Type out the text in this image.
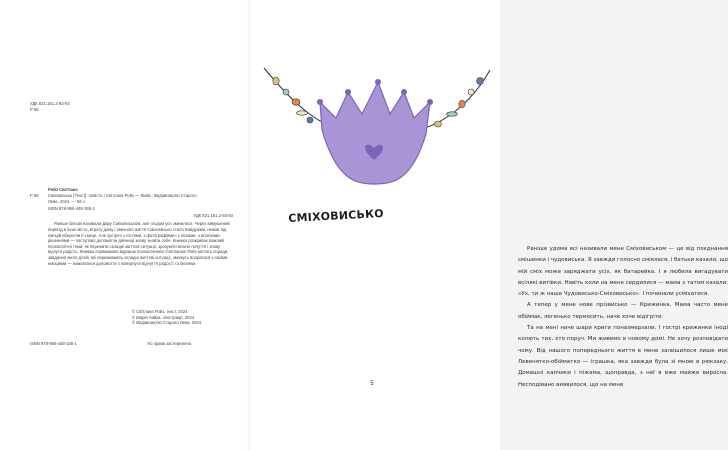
УДК 821.161.2-93-93
Р 65
Ройз Світлана
Р 65 Сміховисько [Текст]: повість / Світлана Ройз — Львів : Видавництво Старого

Лева, 2024. — 56 с.

ISBN 978-966-448-185-1

УДК 821.161.2-93-93

Раніше батьки називали Дару Сміховиськом, але згодом усе змінилося. Через вимушений переїзд в інше місто, втрату дому і звичного життя Сміховисько стало Байдужим, немов від емоцій вберегли її серце. Але зустрічі з гостями, з фотографіями і з пісками, з власними рішеннями — поступово допомогли дівчинці знову знайти себе. Книжка розкриває важливі психологічні теми: як пережити складні життєві ситуації, зрозуміти власні почуття і знову відчути радість. Книжка спрямована відомою психологинею Світланою Ройз містить поради, завдання якого дітей, які переживають складні життєві ситуації, зможуть впоратися з своїми емоціями — намагатися допомогти з повернути відчуття радості та безпеки.

© Світлана Ройз, текст, 2024
© Марія Чайка, ілюстрації, 2024
© Видавництво Старого Лева, 2024
ISBN 978-966-448-185-1	Усі права застережено

Раніше удома всі називали мене Сміховиськом — це від поєднання смішинки і чудовиська. Я завжди голосно сміялася, і батьки казали, що мій сміх може заряджати усіх, як батарейка. І я любила вигадувати всілякі витівки. Навіть коли на мене сердилися — мама з татом казали: «Ух, ти ж наше Чудовисько-Сміховисько». І починали усміхатися.

А тепер у мене нове прізвисько — Крижинка. Мама часто мене обіймає, легенько термосить, наче хоче відігріти.

Та на мені наче шари криги поназмерзали. І гострі крижинки іноді колють тих, хто поруч. Ми живемо в новому домі. Не хочу розповідати чому. Від нашого попереднього життя в мене залишилося лише моє Левенятко-обійматко — іграшка, яка завжди була зі мною в рюкзаку. Домашні капчики і піжама, щоправда, з неї я вже майже виросла. Несподівано виявилося, що на мене

СМІХОВИСЬКО
5
